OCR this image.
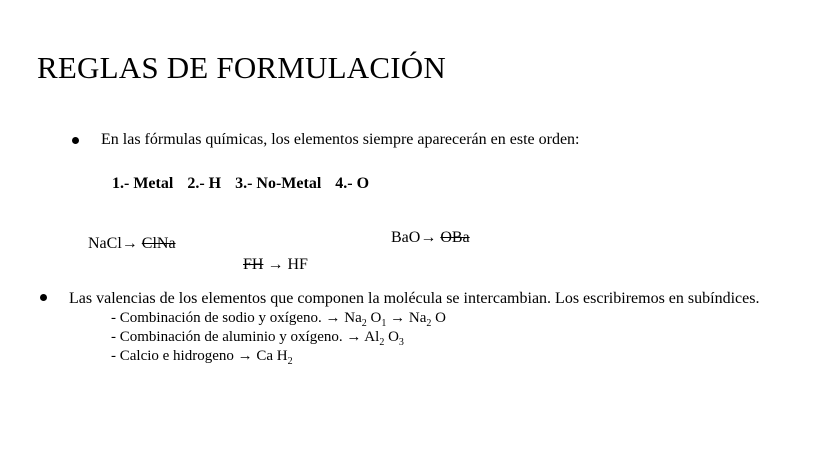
REGLAS DE FORMULACIÓN
En las fórmulas químicas, los elementos siempre aparecerán en este orden:
1.- Metal 2.- H 3.- No-Metal 4.- O
NaCl→ ClNa	BaO→ OBa
FH → HF
Las valencias de los elementos que componen la molécula se intercambian. Los escribiremos en subíndices.
- Combinación de sodio y oxígeno. → $Na_2$ $O_1 \to Na_2$ O
- Combinación de aluminio y oxígeno. → $Al_2$ $O_3$
- Calcio e hidrogeno → Ca $H_2$
